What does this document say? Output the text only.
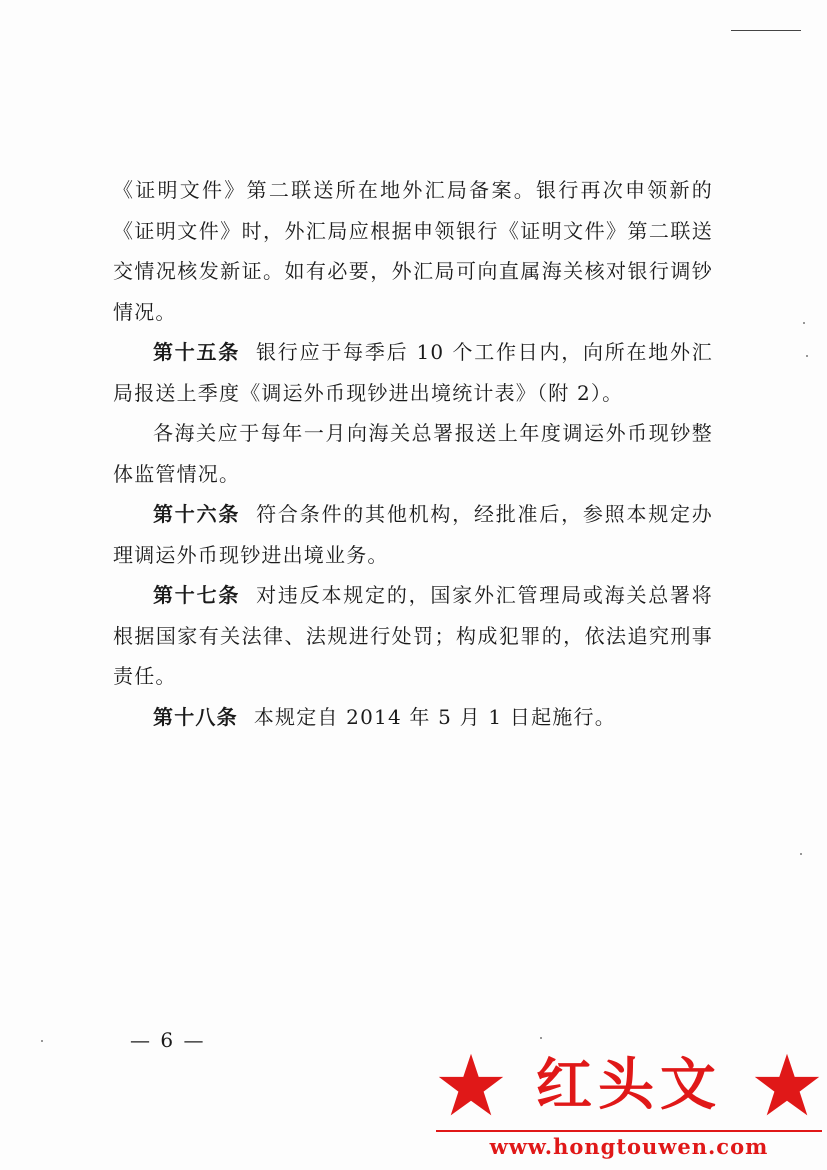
《证明文件》第二联送所在地外汇局备案。银行再次申领新的《证明文件》时，外汇局应根据申领银行《证明文件》第二联送交情况核发新证。如有必要，外汇局可向直属海关核对银行调钞情况。

第十五条 银行应于每季后 10 个工作日内，向所在地外汇局报送上季度《调运外币现钞进出境统计表》（附 2）。

各海关应于每年一月向海关总署报送上年度调运外币现钞整体监管情况。

第十六条 符合条件的其他机构，经批准后，参照本规定办理调运外币现钞进出境业务。

第十七条 对违反本规定的，国家外汇管理局或海关总署将根据国家有关法律、法规进行处罚；构成犯罪的，依法追究刑事责任。

第十八条 本规定自 2014 年 5 月 1 日起施行。

— 6 —
红头文
www.hongtouwen.com
